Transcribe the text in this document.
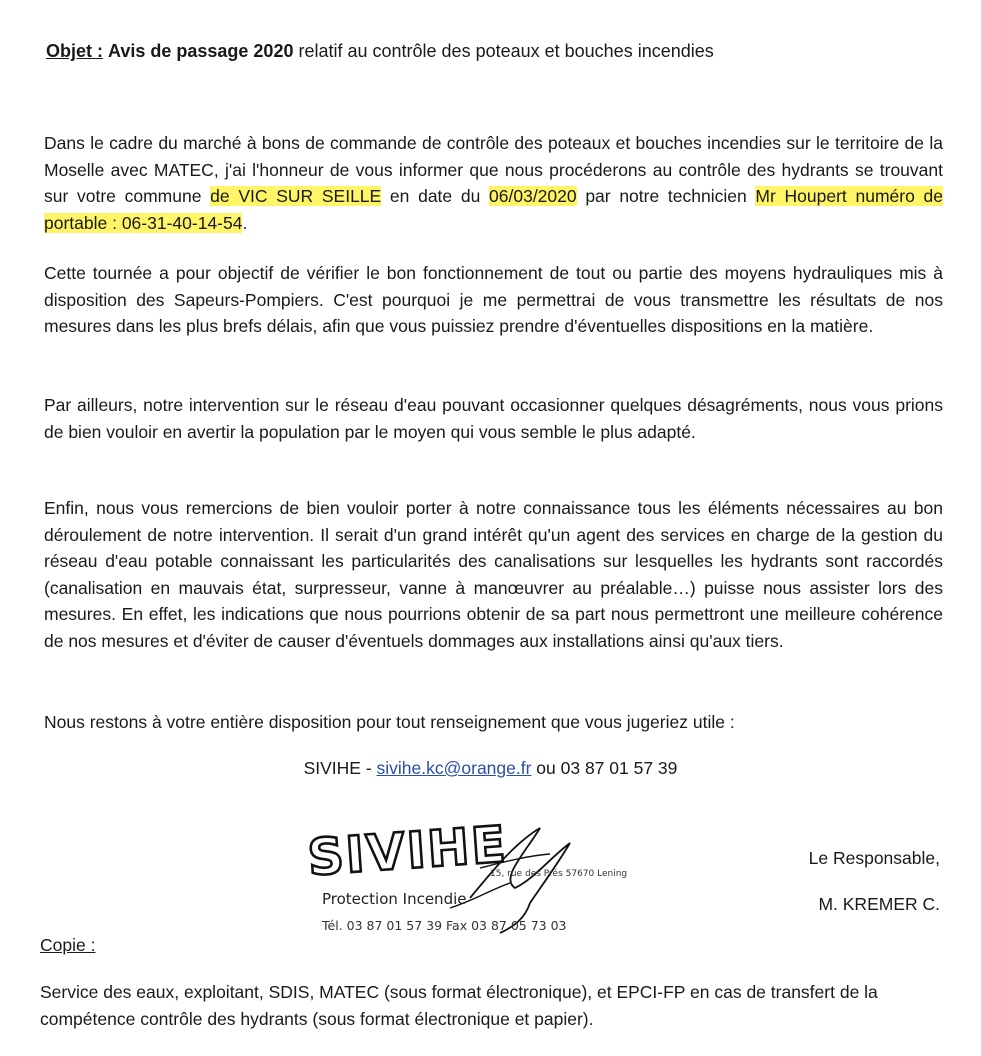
Objet : Avis de passage 2020 relatif au contrôle des poteaux et bouches incendies
Dans le cadre du marché à bons de commande de contrôle des poteaux et bouches incendies sur le territoire de la Moselle avec MATEC, j'ai l'honneur de vous informer que nous procéderons au contrôle des hydrants se trouvant sur votre commune de VIC SUR SEILLE en date du 06/03/2020 par notre technicien Mr Houpert numéro de portable : 06-31-40-14-54.
Cette tournée a pour objectif de vérifier le bon fonctionnement de tout ou partie des moyens hydrauliques mis à disposition des Sapeurs-Pompiers. C'est pourquoi je me permettrai de vous transmettre les résultats de nos mesures dans les plus brefs délais, afin que vous puissiez prendre d'éventuelles dispositions en la matière.
Par ailleurs, notre intervention sur le réseau d'eau pouvant occasionner quelques désagréments, nous vous prions de bien vouloir en avertir la population par le moyen qui vous semble le plus adapté.
Enfin, nous vous remercions de bien vouloir porter à notre connaissance tous les éléments nécessaires au bon déroulement de notre intervention. Il serait d'un grand intérêt qu'un agent des services en charge de la gestion du réseau d'eau potable connaissant les particularités des canalisations sur lesquelles les hydrants sont raccordés (canalisation en mauvais état, surpresseur, vanne à manœuvrer au préalable…) puisse nous assister lors des mesures. En effet, les indications que nous pourrions obtenir de sa part nous permettront une meilleure cohérence de nos mesures et d'éviter de causer d'éventuels dommages aux installations ainsi qu'aux tiers.
Nous restons à votre entière disposition pour tout renseignement que vous jugeriez utile :
SIVIHE - sivihe.kc@orange.fr ou 03 87 01 57 39
SIVIHE
15, rue des Prés 57670 Lening
Protection Incendie
Tél. 03 87 01 57 39 Fax 03 87 05 73 03
Le Responsable,
M. KREMER C.
Copie :
Service des eaux, exploitant, SDIS, MATEC (sous format électronique), et EPCI-FP en cas de transfert de la compétence contrôle des hydrants (sous format électronique et papier).
